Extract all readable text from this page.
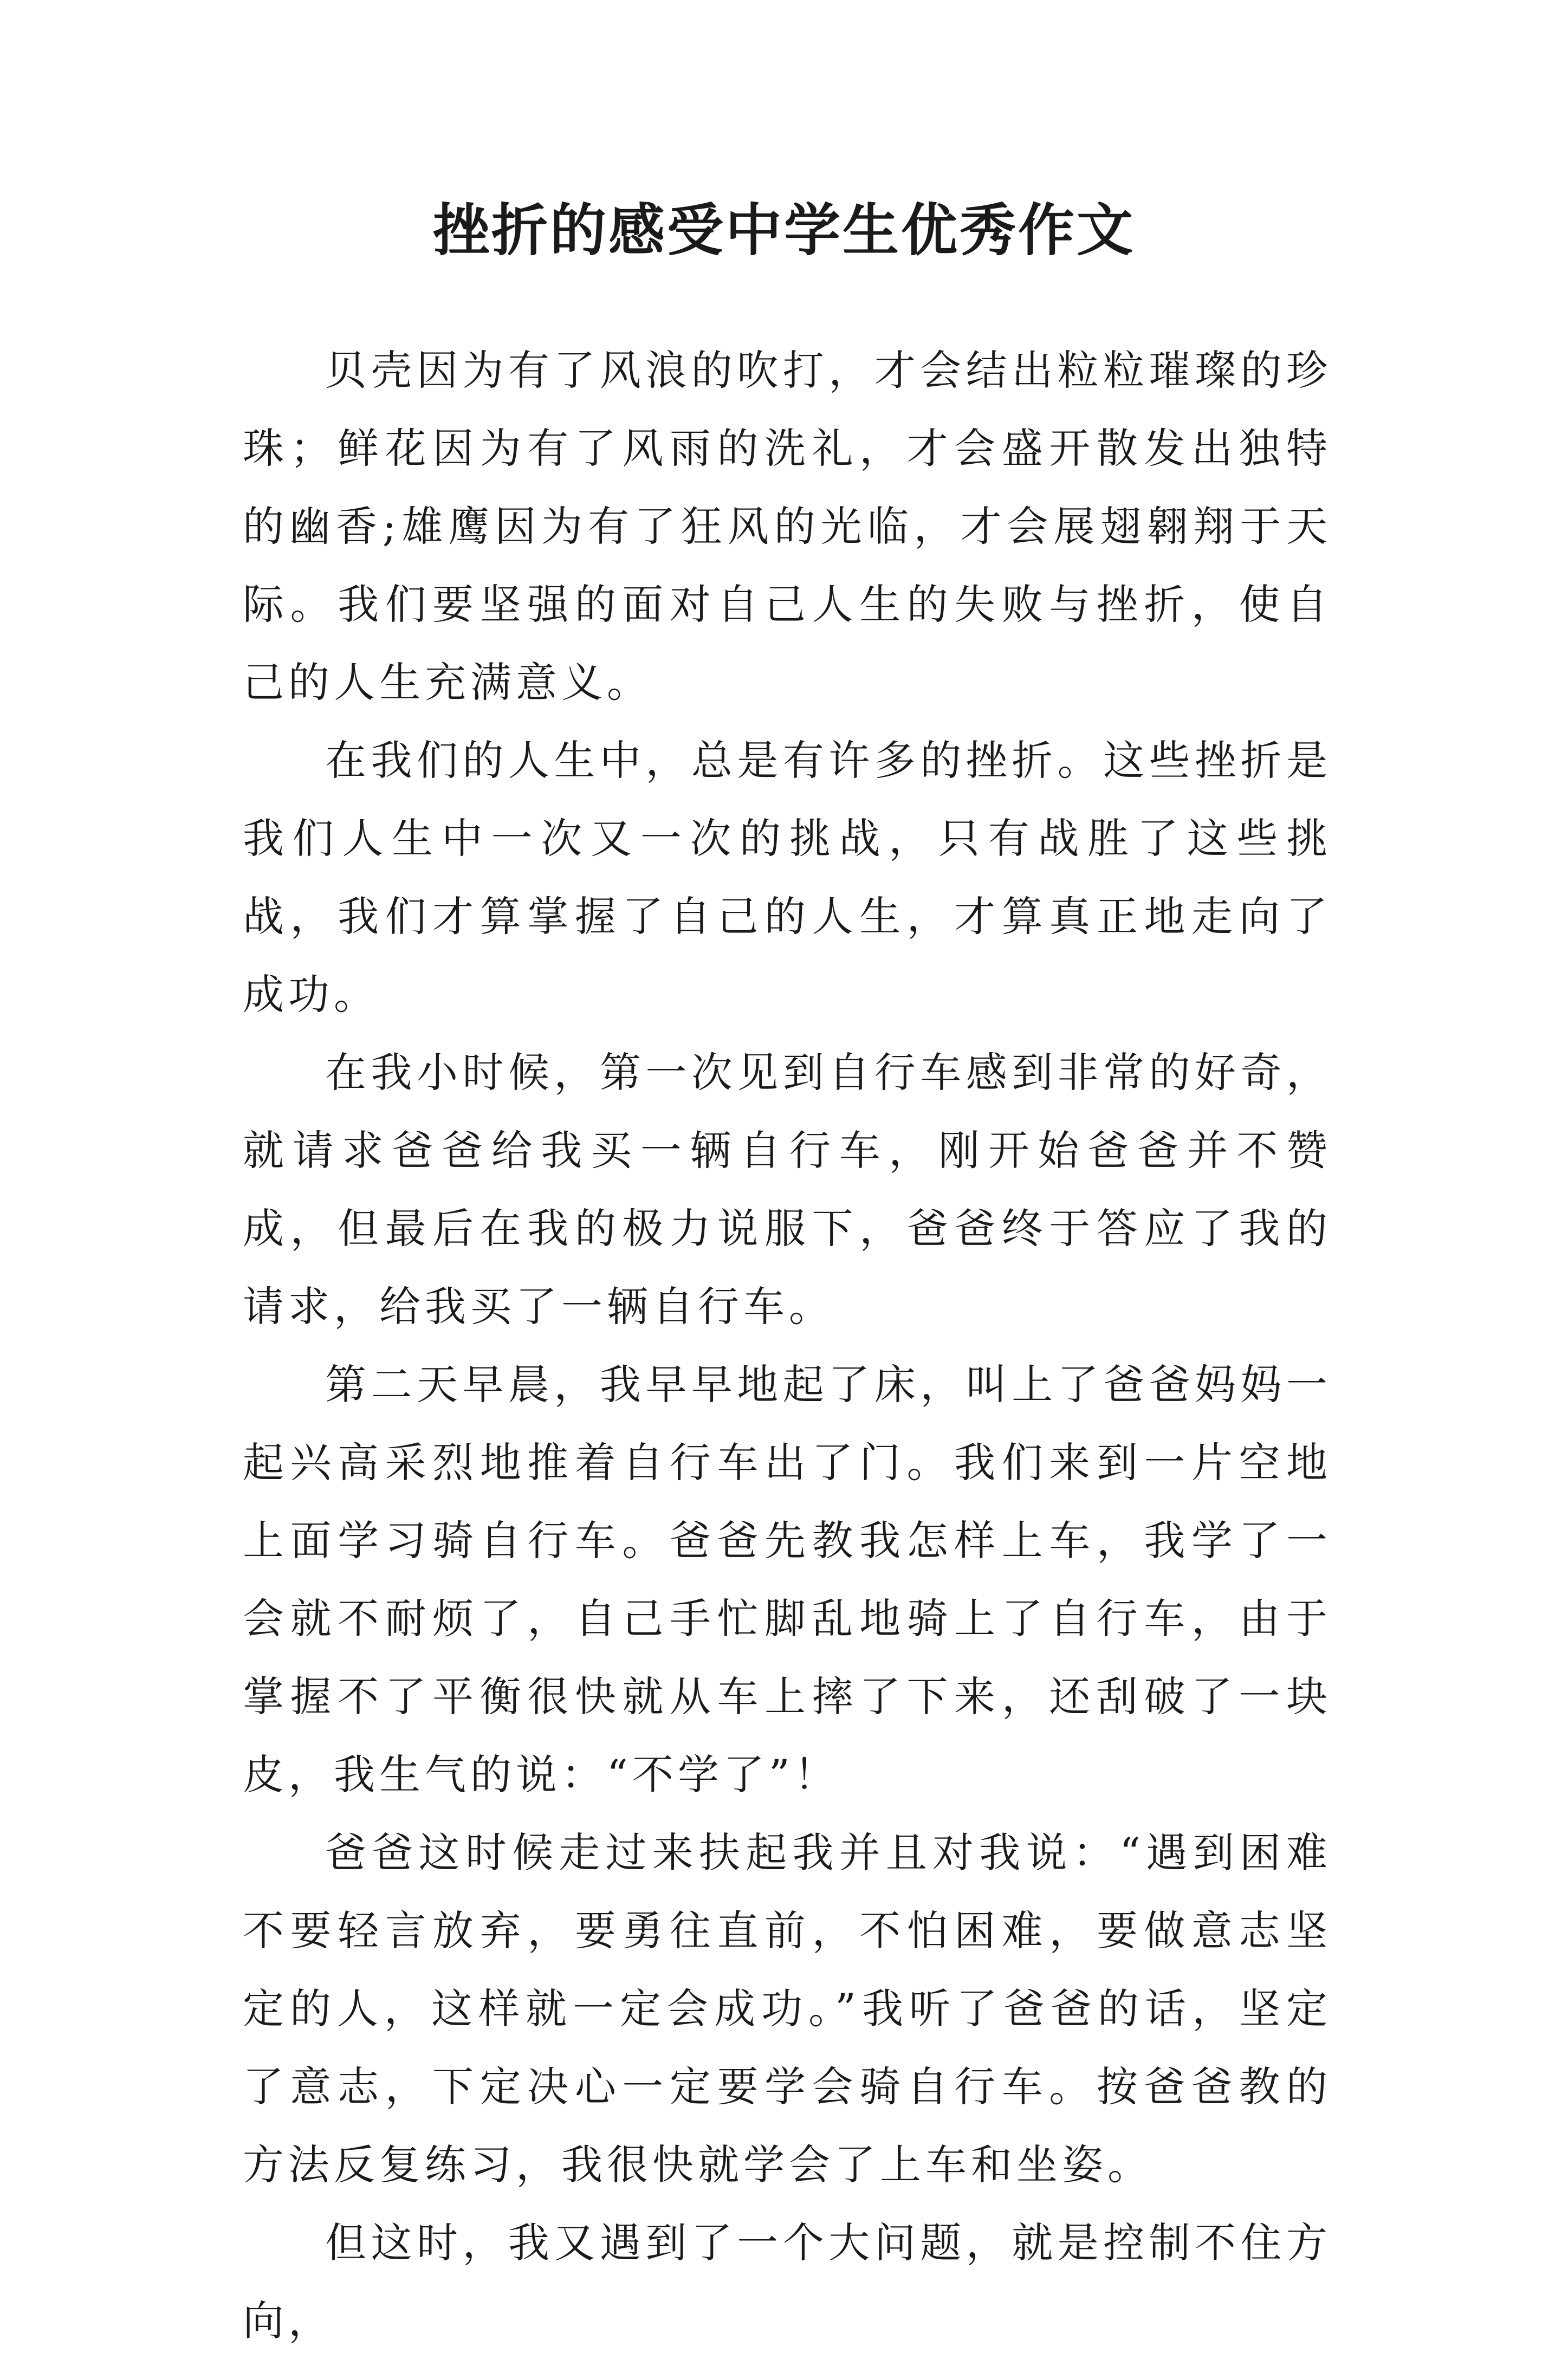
挫折的感受中学生优秀作文

贝壳因为有了风浪的吹打，才会结出粒粒璀璨的珍珠；鲜花因为有了风雨的洗礼，才会盛开散发出独特的幽香;雄鹰因为有了狂风的光临，才会展翅翱翔于天际。我们要坚强的面对自己人生的失败与挫折，使自己的人生充满意义。

在我们的人生中，总是有许多的挫折。这些挫折是我们人生中一次又一次的挑战，只有战胜了这些挑战，我们才算掌握了自己的人生，才算真正地走向了成功。

在我小时候，第一次见到自行车感到非常的好奇，就请求爸爸给我买一辆自行车，刚开始爸爸并不赞成，但最后在我的极力说服下，爸爸终于答应了我的请求，给我买了一辆自行车。

第二天早晨，我早早地起了床，叫上了爸爸妈妈一起兴高采烈地推着自行车出了门。我们来到一片空地上面学习骑自行车。爸爸先教我怎样上车，我学了一会就不耐烦了，自己手忙脚乱地骑上了自行车，由于掌握不了平衡很快就从车上摔了下来，还刮破了一块皮，我生气的说：“不学了”！

爸爸这时候走过来扶起我并且对我说：“遇到困难不要轻言放弃，要勇往直前，不怕困难，要做意志坚定的人，这样就一定会成功。”我听了爸爸的话，坚定了意志，下定决心一定要学会骑自行车。按爸爸教的方法反复练习，我很快就学会了上车和坐姿。

但这时，我又遇到了一个大问题，就是控制不住方向，
